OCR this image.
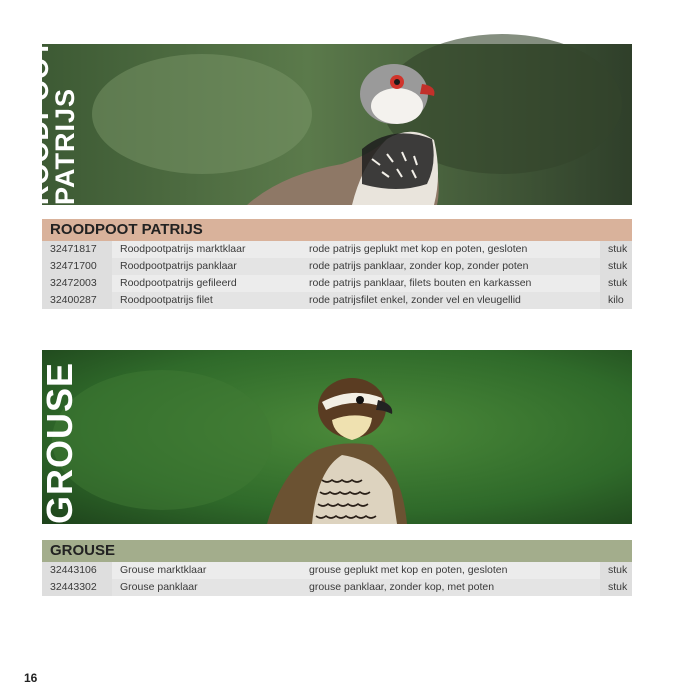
ROODPOOT
PATRIJS
ROODPOOT PATRIJS
32471817	Roodpootpatrijs marktklaar	rode patrijs geplukt met kop en poten, gesloten	stuk
32471700	Roodpootpatrijs panklaar	rode patrijs panklaar, zonder kop, zonder poten	stuk
32472003	Roodpootpatrijs gefileerd	rode patrijs panklaar, filets bouten en karkassen	stuk
32400287	Roodpootpatrijs filet	rode patrijsfilet enkel, zonder vel en vleugellid	kilo
GROUSE
GROUSE
32443106	Grouse marktklaar	grouse geplukt met kop en poten, gesloten	stuk
32443302	Grouse panklaar	grouse panklaar, zonder kop, met poten	stuk
16
